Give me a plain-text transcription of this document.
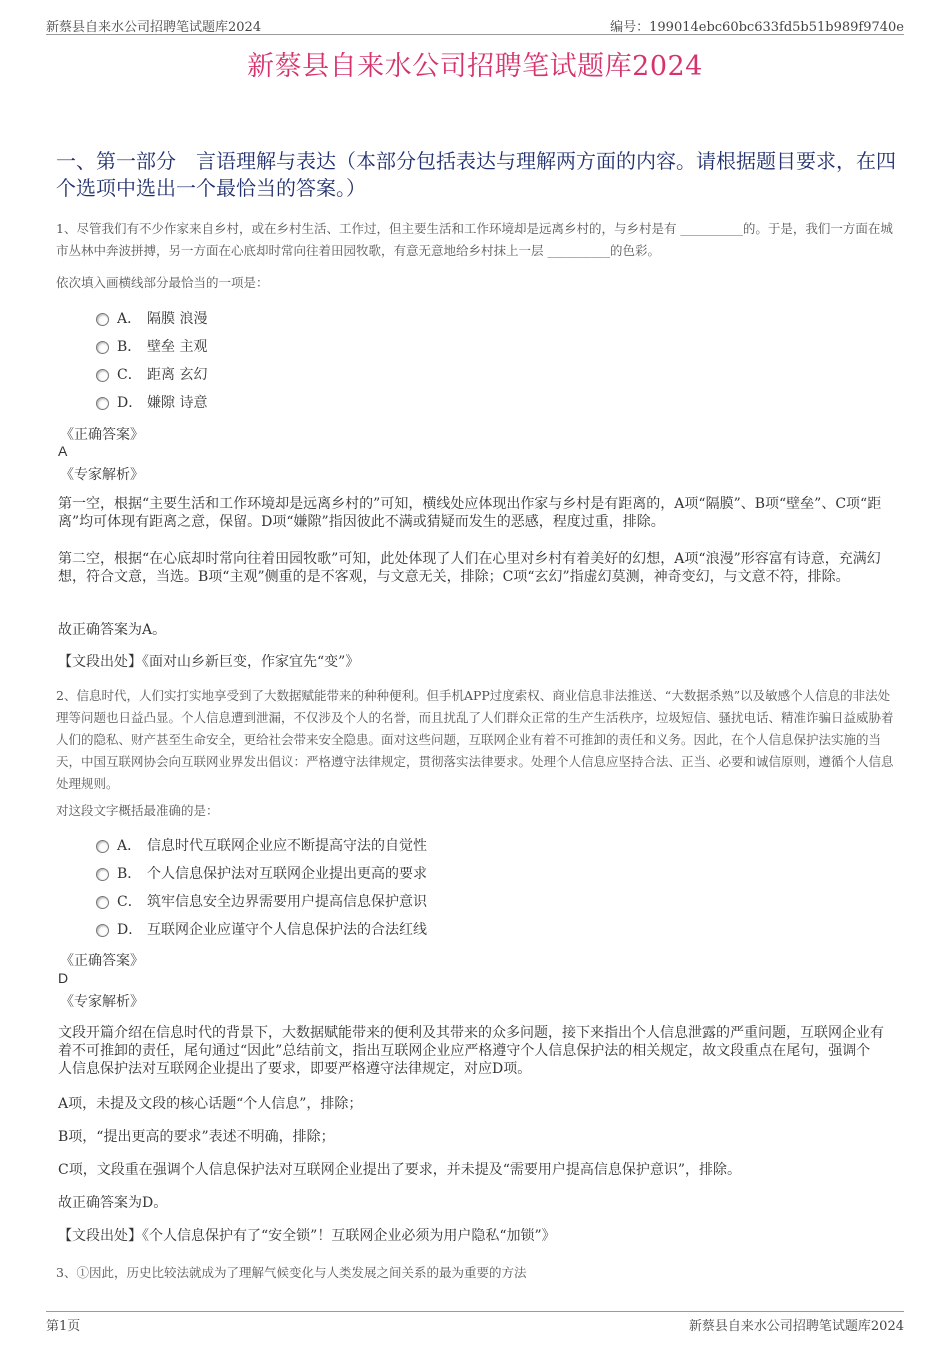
新蔡县自来水公司招聘笔试题库2024	编号：199014ebc60bc633fd5b51b989f9740e
新蔡县自来水公司招聘笔试题库2024
一、第一部分　言语理解与表达（本部分包括表达与理解两方面的内容。请根据题目要求，在四个选项中选出一个最恰当的答案。）

1、尽管我们有不少作家来自乡村，或在乡村生活、工作过，但主要生活和工作环境却是远离乡村的，与乡村是有 __________的。于是，我们一方面在城市丛林中奔波拼搏，另一方面在心底却时常向往着田园牧歌，有意无意地给乡村抹上一层 __________的色彩。

依次填入画横线部分最恰当的一项是：

A． 隔膜 浪漫
B． 壁垒 主观
C． 距离 玄幻
D． 嫌隙 诗意
《正确答案》
A
《专家解析》

第一空，根据“主要生活和工作环境却是远离乡村的”可知，横线处应体现出作家与乡村是有距离的，A项“隔膜”、B项“壁垒”、C项“距离”均可体现有距离之意，保留。D项“嫌隙”指因彼此不满或猜疑而发生的恶感，程度过重，排除。

第二空，根据“在心底却时常向往着田园牧歌”可知，此处体现了人们在心里对乡村有着美好的幻想，A项“浪漫”形容富有诗意，充满幻想，符合文意，当选。B项“主观”侧重的是不客观，与文意无关，排除；C项“玄幻”指虚幻莫测，神奇变幻，与文意不符，排除。

故正确答案为A。

【文段出处】《面对山乡新巨变，作家宜先“变”》

2、信息时代，人们实打实地享受到了大数据赋能带来的种种便利。但手机APP过度索权、商业信息非法推送、“大数据杀熟”以及敏感个人信息的非法处理等问题也日益凸显。个人信息遭到泄漏，不仅涉及个人的名誉，而且扰乱了人们群众正常的生产生活秩序，垃圾短信、骚扰电话、精准诈骗日益威胁着人们的隐私、财产甚至生命安全，更给社会带来安全隐患。面对这些问题，互联网企业有着不可推卸的责任和义务。因此，在个人信息保护法实施的当天，中国互联网协会向互联网业界发出倡议：严格遵守法律规定，贯彻落实法律要求。处理个人信息应坚持合法、正当、必要和诚信原则，遵循个人信息处理规则。

对这段文字概括最准确的是：

A． 信息时代互联网企业应不断提高守法的自觉性
B． 个人信息保护法对互联网企业提出更高的要求
C． 筑牢信息安全边界需要用户提高信息保护意识
D． 互联网企业应谨守个人信息保护法的合法红线
《正确答案》
D
《专家解析》

文段开篇介绍在信息时代的背景下，大数据赋能带来的便利及其带来的众多问题，接下来指出个人信息泄露的严重问题，互联网企业有着不可推卸的责任，尾句通过“因此”总结前文，指出互联网企业应严格遵守个人信息保护法的相关规定，故文段重点在尾句，强调个人信息保护法对互联网企业提出了要求，即要严格遵守法律规定，对应D项。

A项，未提及文段的核心话题“个人信息”，排除；

B项，“提出更高的要求”表述不明确，排除；

C项，文段重在强调个人信息保护法对互联网企业提出了要求，并未提及“需要用户提高信息保护意识”，排除。

故正确答案为D。

【文段出处】《个人信息保护有了“安全锁”！互联网企业必须为用户隐私“加锁”》

3、①因此，历史比较法就成为了理解气候变化与人类发展之间关系的最为重要的方法

第1页	新蔡县自来水公司招聘笔试题库2024
